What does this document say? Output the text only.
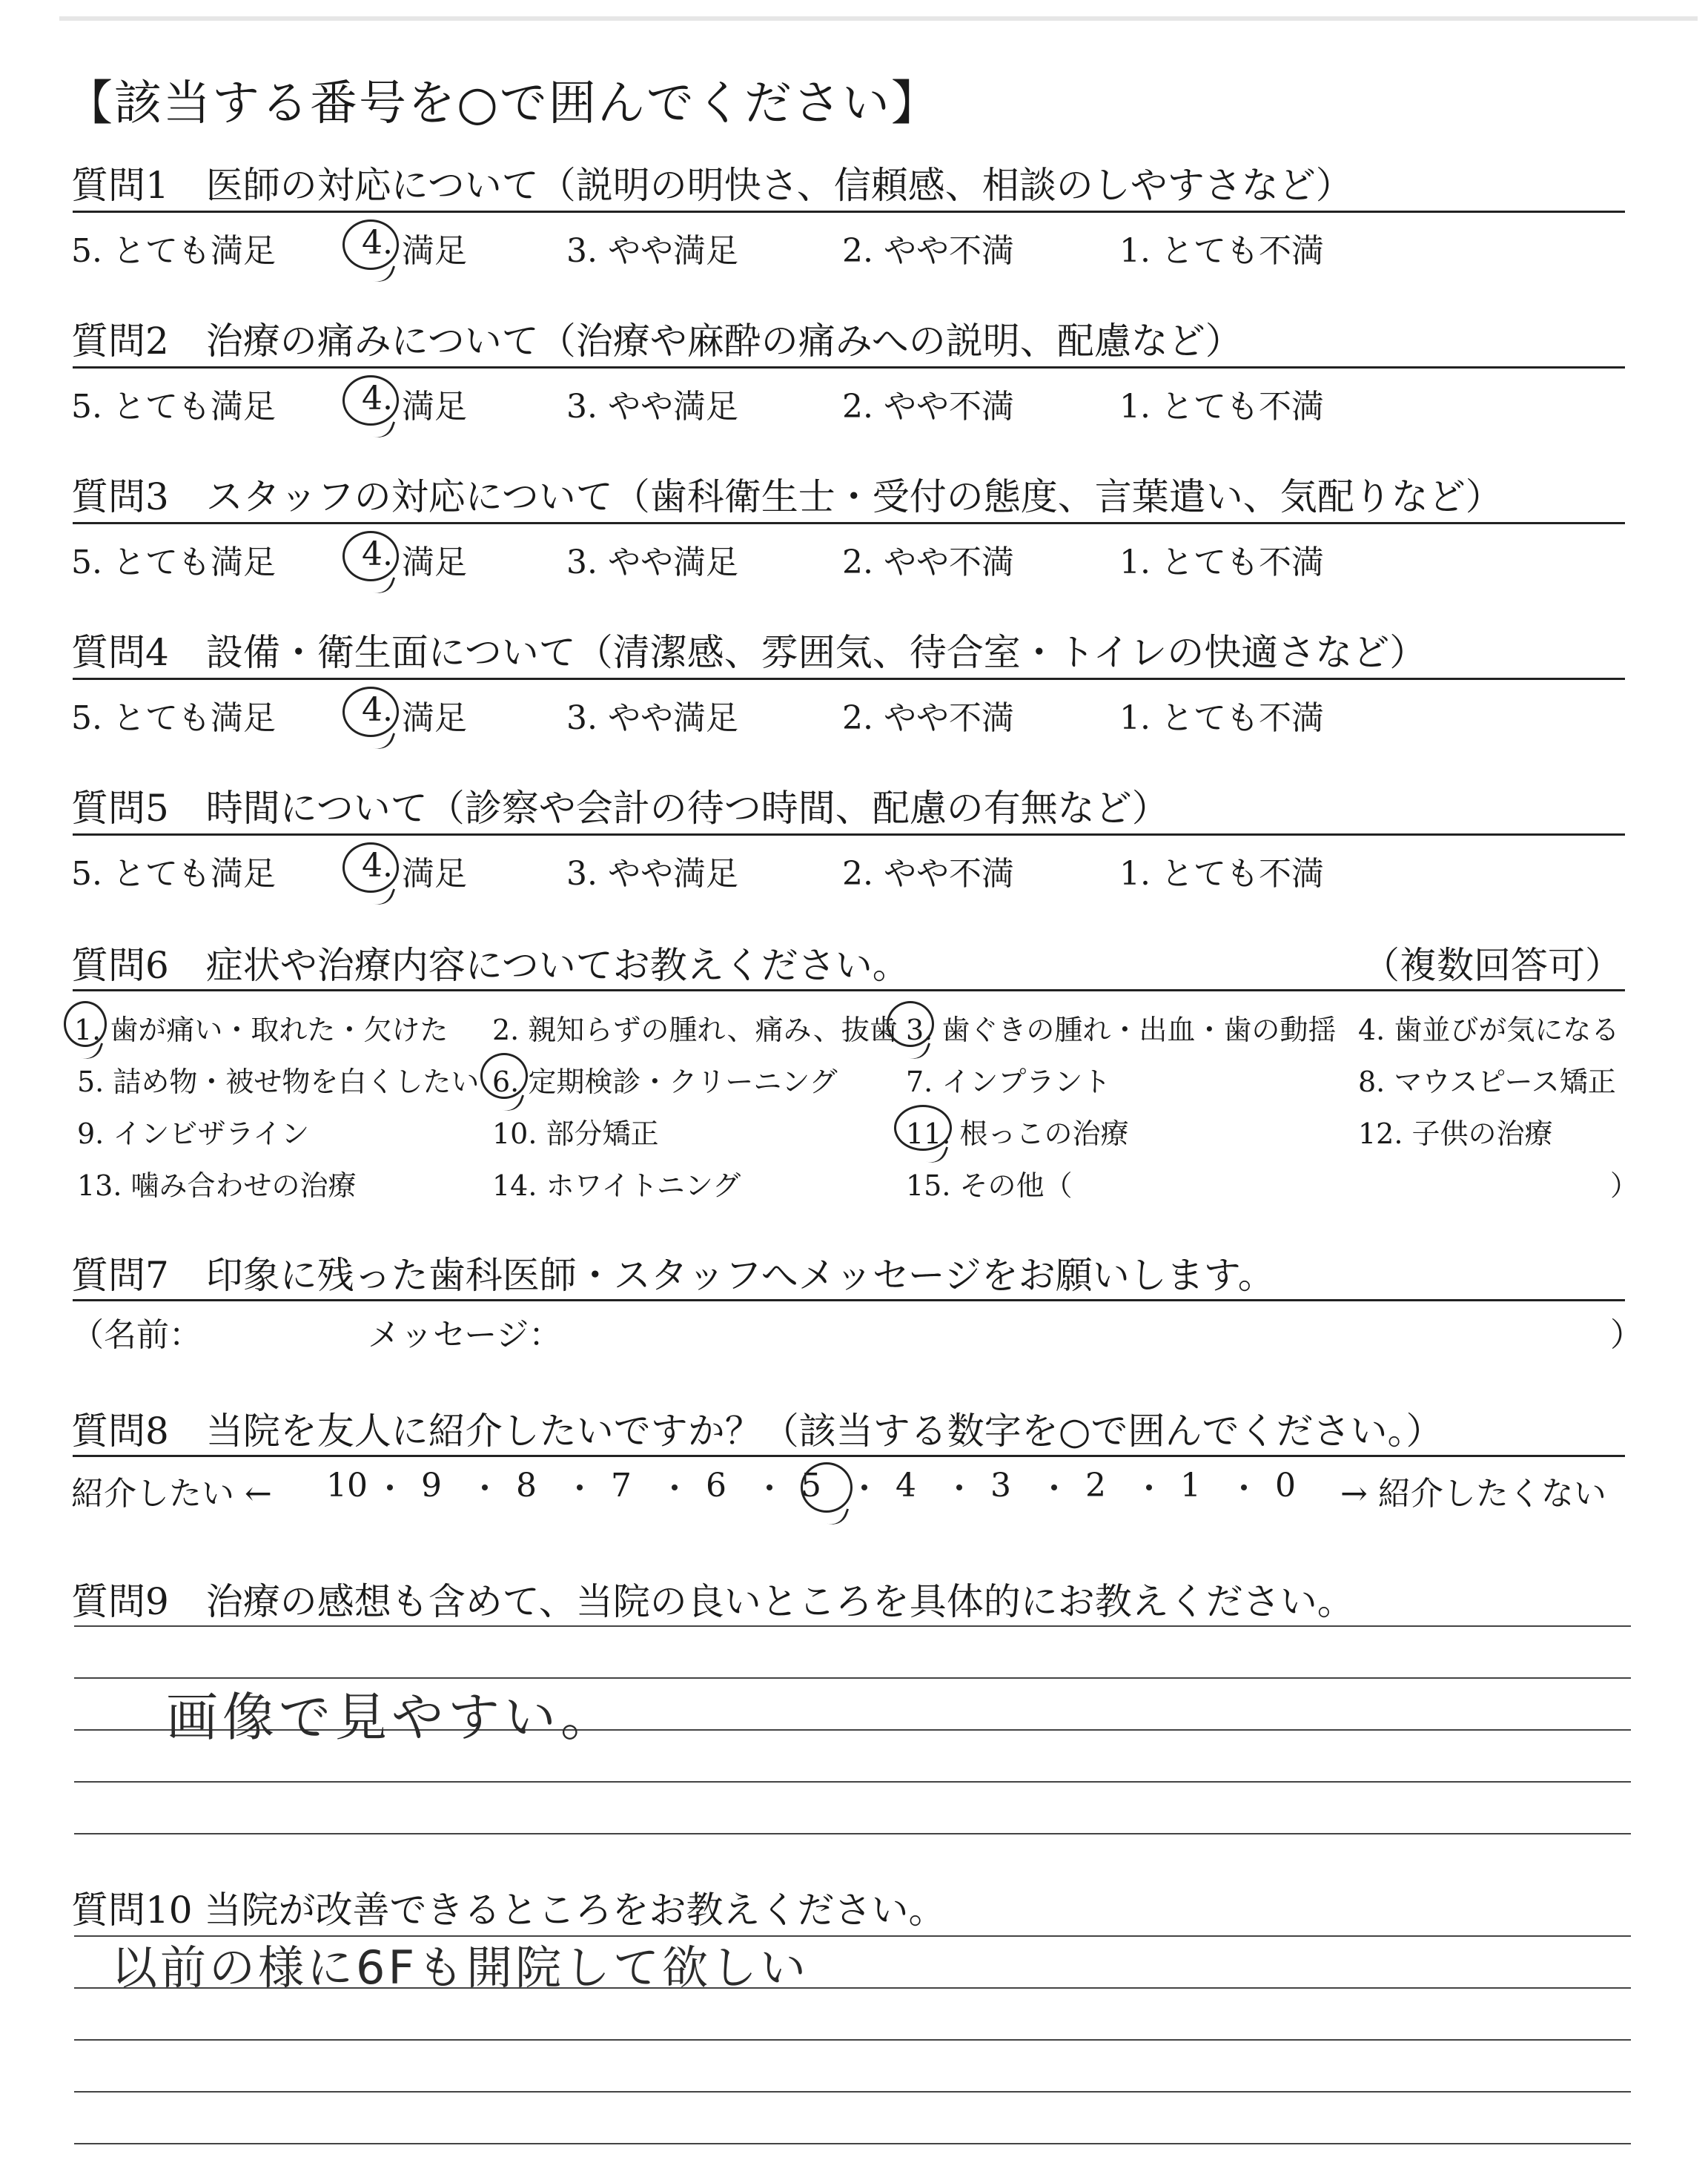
【該当する番号を○で囲んでください】
質問1　医師の対応について（説明の明快さ、信頼感、相談のしやすさなど）
5. とても満足	4. 満足	3. やや満足	2. やや不満	1. とても不満
質問2　治療の痛みについて（治療や麻酔の痛みへの説明、配慮など）
5. とても満足	4. 満足	3. やや満足	2. やや不満	1. とても不満
質問3　スタッフの対応について（歯科衛生士・受付の態度、言葉遣い、気配りなど）
5. とても満足	4. 満足	3. やや満足	2. やや不満	1. とても不満
質問4　設備・衛生面について（清潔感、雰囲気、待合室・トイレの快適さなど）
5. とても満足	4. 満足	3. やや満足	2. やや不満	1. とても不満
質問5　時間について（診察や会計の待つ時間、配慮の有無など）
5. とても満足	4. 満足	3. やや満足	2. やや不満	1. とても不満
質問6　症状や治療内容についてお教えください。	（複数回答可）
1. 歯が痛い・取れた・欠けた 2. 親知らずの腫れ、痛み、抜歯 3. 歯ぐきの腫れ・出血・歯の動揺 4. 歯並びが気になる
5. 詰め物・被せ物を白くしたい 6. 定期検診・クリーニング 7. インプラント	8. マウスピース矯正
9. インビザライン	10. 部分矯正	11. 根っこの治療	12. 子供の治療
13. 噛み合わせの治療	14. ホワイトニング	15. その他（	）
質問7　印象に残った歯科医師・スタッフへメッセージをお願いします。
（名前：	メッセージ：	）
質問8　当院を友人に紹介したいですか？（該当する数字を○で囲んでください。）
紹介したい ← 10 9 8 7 6 5 4 3 2 1 0 → 紹介したくない
質問9　治療の感想も含めて、当院の良いところを具体的にお教えください。
画像で見やすい。
質問10 当院が改善できるところをお教えください。
以前の様に6Fも開院して欲しい
